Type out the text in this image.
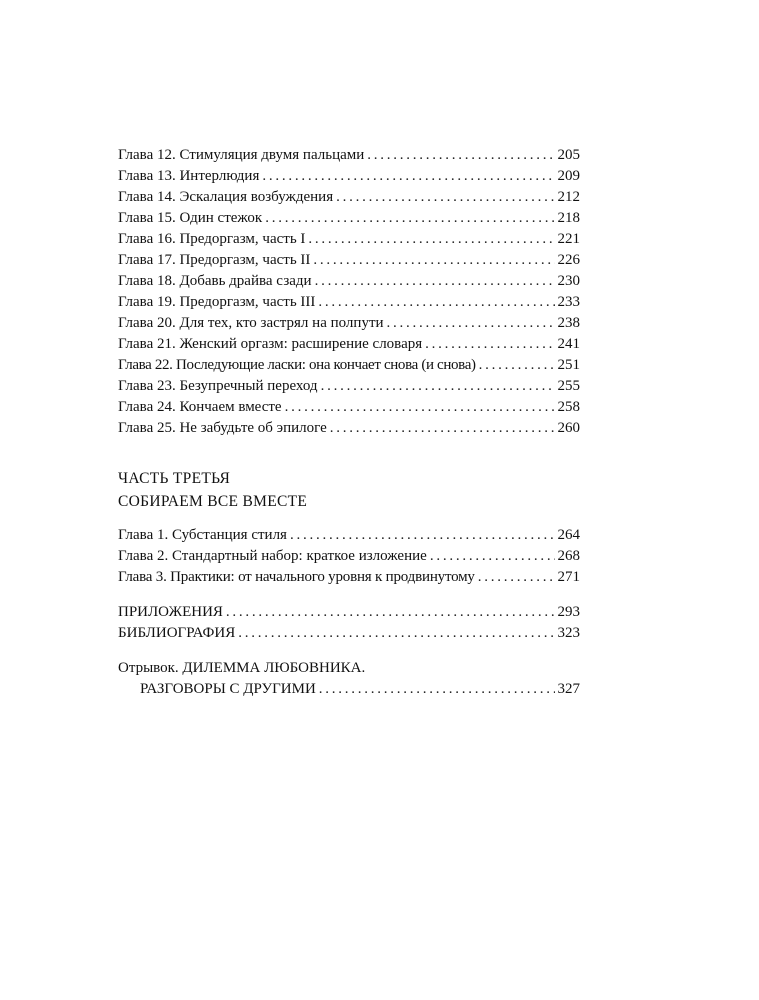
Глава 12. Стимуляция двумя пальцами . . .	205
Глава 13. Интерлюдия . . .	209
Глава 14. Эскалация возбуждения . . .	212
Глава 15. Один стежок . . .	218
Глава 16. Предоргазм, часть I . . .	221
Глава 17. Предоргазм, часть II . . .	226
Глава 18. Добавь драйва сзади . . .	230
Глава 19. Предоргазм, часть III . . .	233
Глава 20. Для тех, кто застрял на полпути . . .	238
Глава 21. Женский оргазм: расширение словаря . . .	241
Глава 22. Последующие ласки: она кончает снова (и снова) . . .	251
Глава 23. Безупречный переход . . .	255
Глава 24. Кончаем вместе . . .	258
Глава 25. Не забудьте об эпилоге . . .	260
ЧАСТЬ ТРЕТЬЯ
СОБИРАЕМ ВСЕ ВМЕСТЕ
Глава 1. Субстанция стиля . . .	264
Глава 2. Стандартный набор: краткое изложение . . .	268
Глава 3. Практики: от начального уровня к продвинутому . . .	271
ПРИЛОЖЕНИЯ . . .	293
БИБЛИОГРАФИЯ . . .	323
Отрывок. ДИЛЕММА ЛЮБОВНИКА.
РАЗГОВОРЫ С ДРУГИМИ . . .	327
